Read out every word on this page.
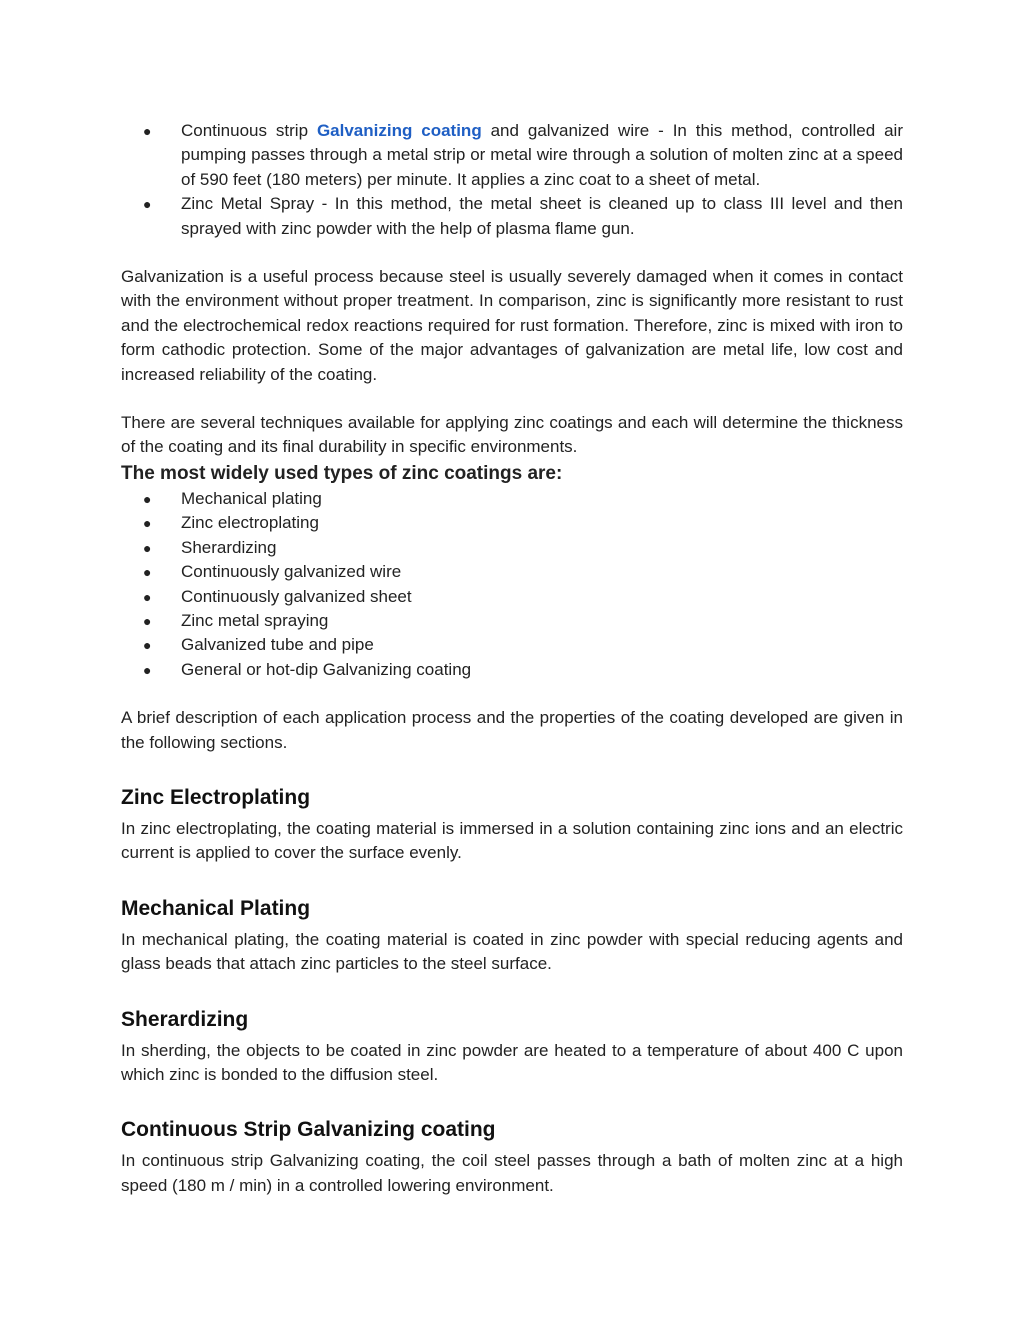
● Continuous strip Galvanizing coating and galvanized wire - In this method, controlled air pumping passes through a metal strip or metal wire through a solution of molten zinc at a speed of 590 feet (180 meters) per minute. It applies a zinc coat to a sheet of metal.
● Zinc Metal Spray - In this method, the metal sheet is cleaned up to class III level and then sprayed with zinc powder with the help of plasma flame gun.

Galvanization is a useful process because steel is usually severely damaged when it comes in contact with the environment without proper treatment. In comparison, zinc is significantly more resistant to rust and the electrochemical redox reactions required for rust formation. Therefore, zinc is mixed with iron to form cathodic protection. Some of the major advantages of galvanization are metal life, low cost and increased reliability of the coating.

There are several techniques available for applying zinc coatings and each will determine the thickness of the coating and its final durability in specific environments.

The most widely used types of zinc coatings are:
● Mechanical plating
● Zinc electroplating
● Sherardizing
● Continuously galvanized wire
● Continuously galvanized sheet
● Zinc metal spraying
● Galvanized tube and pipe
● General or hot-dip Galvanizing coating

A brief description of each application process and the properties of the coating developed are given in the following sections.

Zinc Electroplating

In zinc electroplating, the coating material is immersed in a solution containing zinc ions and an electric current is applied to cover the surface evenly.

Mechanical Plating

In mechanical plating, the coating material is coated in zinc powder with special reducing agents and glass beads that attach zinc particles to the steel surface.

Sherardizing

In sherding, the objects to be coated in zinc powder are heated to a temperature of about 400 C upon which zinc is bonded to the diffusion steel.

Continuous Strip Galvanizing coating

In continuous strip Galvanizing coating, the coil steel passes through a bath of molten zinc at a high speed (180 m / min) in a controlled lowering environment.
